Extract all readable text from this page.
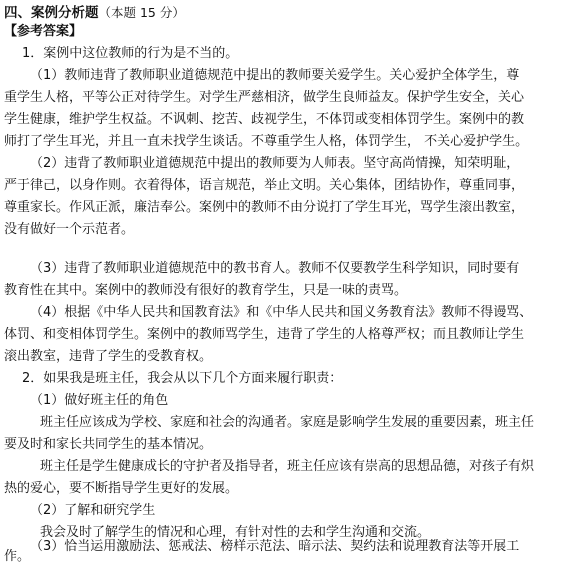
四、案例分析题（本题 15 分）
【参考答案】
1．案例中这位教师的行为是不当的。
（1）教师违背了教师职业道德规范中提出的教师要关爱学生。关心爱护全体学生，尊
重学生人格，平等公正对待学生。对学生严慈相济，做学生良师益友。保护学生安全，关心
学生健康，维护学生权益。不讽刺、挖苦、歧视学生，不体罚或变相体罚学生。案例中的教
师打了学生耳光，并且一直未找学生谈话。不尊重学生人格，体罚学生， 不关心爱护学生。
（2）违背了教师职业道德规范中提出的教师要为人师表。坚守高尚情操，知荣明耻，
严于律己，以身作则。衣着得体，语言规范，举止文明。关心集体，团结协作，尊重同事，
尊重家长。作风正派，廉洁奉公。案例中的教师不由分说打了学生耳光，骂学生滚出教室，
没有做好一个示范者。
（3）违背了教师职业道德规范中的教书育人。教师不仅要教学生科学知识，同时要有
教育性在其中。案例中的教师没有很好的教育学生，只是一味的责骂。
（4）根据《中华人民共和国教育法》和《中华人民共和国义务教育法》教师不得谩骂、
体罚、和变相体罚学生。案例中的教师骂学生，违背了学生的人格尊严权；而且教师让学生
滚出教室，违背了学生的受教育权。
2．如果我是班主任，我会从以下几个方面来履行职责：
（1）做好班主任的角色
班主任应该成为学校、家庭和社会的沟通者。家庭是影响学生发展的重要因素，班主任
要及时和家长共同学生的基本情况。
班主任是学生健康成长的守护者及指导者，班主任应该有崇高的思想品德，对孩子有炽
热的爱心，要不断指导学生更好的发展。
（2）了解和研究学生
我会及时了解学生的情况和心理，有针对性的去和学生沟通和交流。
（3）恰当运用激励法、惩戒法、榜样示范法、暗示法、契约法和说理教育法等开展工
作。
